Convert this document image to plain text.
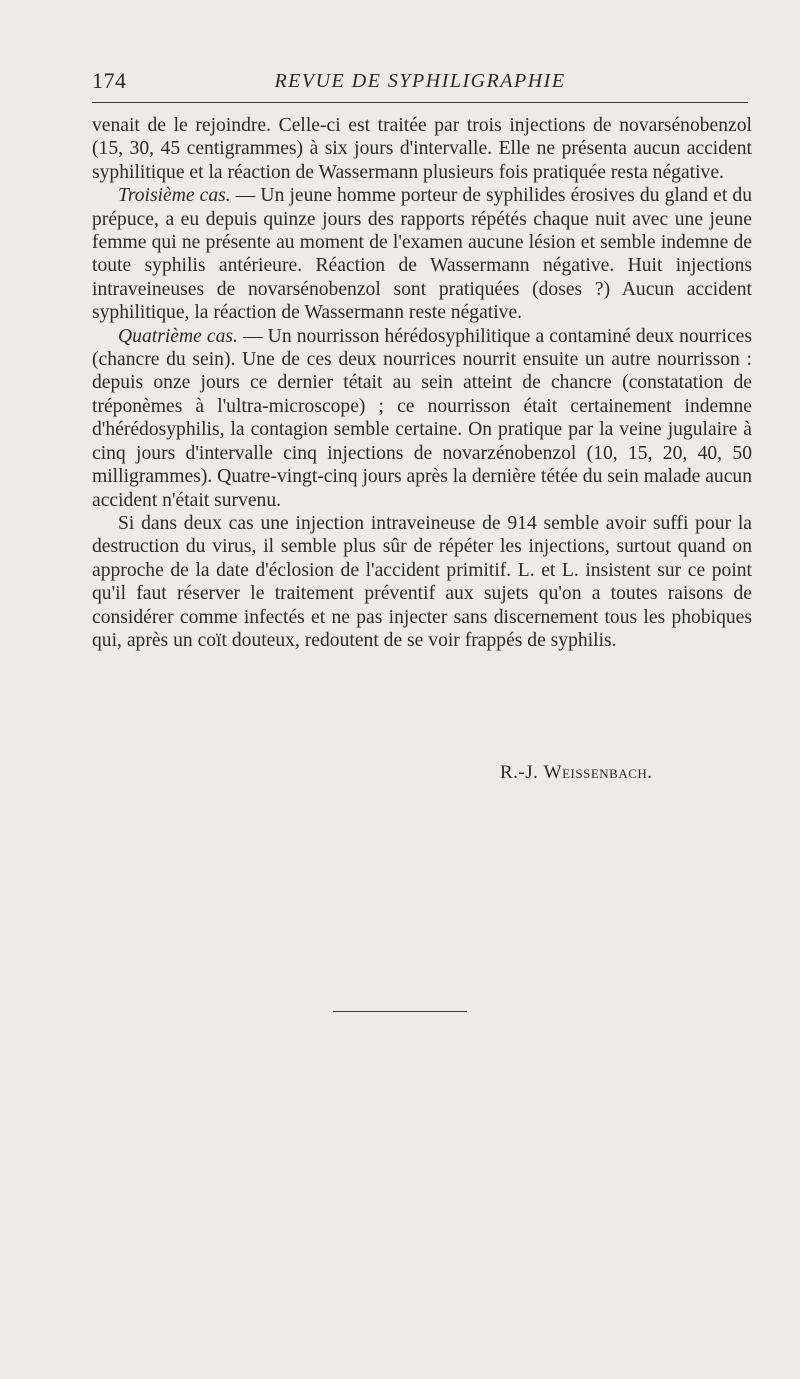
174	REVUE DE SYPHILIGRAPHIE

venait de le rejoindre. Celle-ci est traitée par trois injections de novarsénobenzol (15, 30, 45 centigrammes) à six jours d'intervalle. Elle ne présenta aucun accident syphilitique et la réaction de Wassermann plusieurs fois pratiquée resta négative.

Troisième cas. — Un jeune homme porteur de syphilides érosives du gland et du prépuce, a eu depuis quinze jours des rapports répétés chaque nuit avec une jeune femme qui ne présente au moment de l'examen aucune lésion et semble indemne de toute syphilis antérieure. Réaction de Wassermann négative. Huit injections intraveineuses de novarsénobenzol sont pratiquées (doses ?) Aucun accident syphilitique, la réaction de Wassermann reste négative.

Quatrième cas. — Un nourrisson hérédosyphilitique a contaminé deux nourrices (chancre du sein). Une de ces deux nourrices nourrit ensuite un autre nourrisson : depuis onze jours ce dernier tétait au sein atteint de chancre (constatation de tréponèmes à l'ultra-microscope) ; ce nourrisson était certainement indemne d'hérédosyphilis, la contagion semble certaine. On pratique par la veine jugulaire à cinq jours d'intervalle cinq injections de novarzénobenzol (10, 15, 20, 40, 50 milligrammes). Quatre-vingt-cinq jours après la dernière tétée du sein malade aucun accident n'était survenu.

Si dans deux cas une injection intraveineuse de 914 semble avoir suffi pour la destruction du virus, il semble plus sûr de répéter les injections, surtout quand on approche de la date d'éclosion de l'accident primitif. L. et L. insistent sur ce point qu'il faut réserver le traitement préventif aux sujets qu'on a toutes raisons de considérer comme infectés et ne pas injecter sans discernement tous les phobiques qui, après un coït douteux, redoutent de se voir frappés de syphilis.

R.-J. Weissenbach.
